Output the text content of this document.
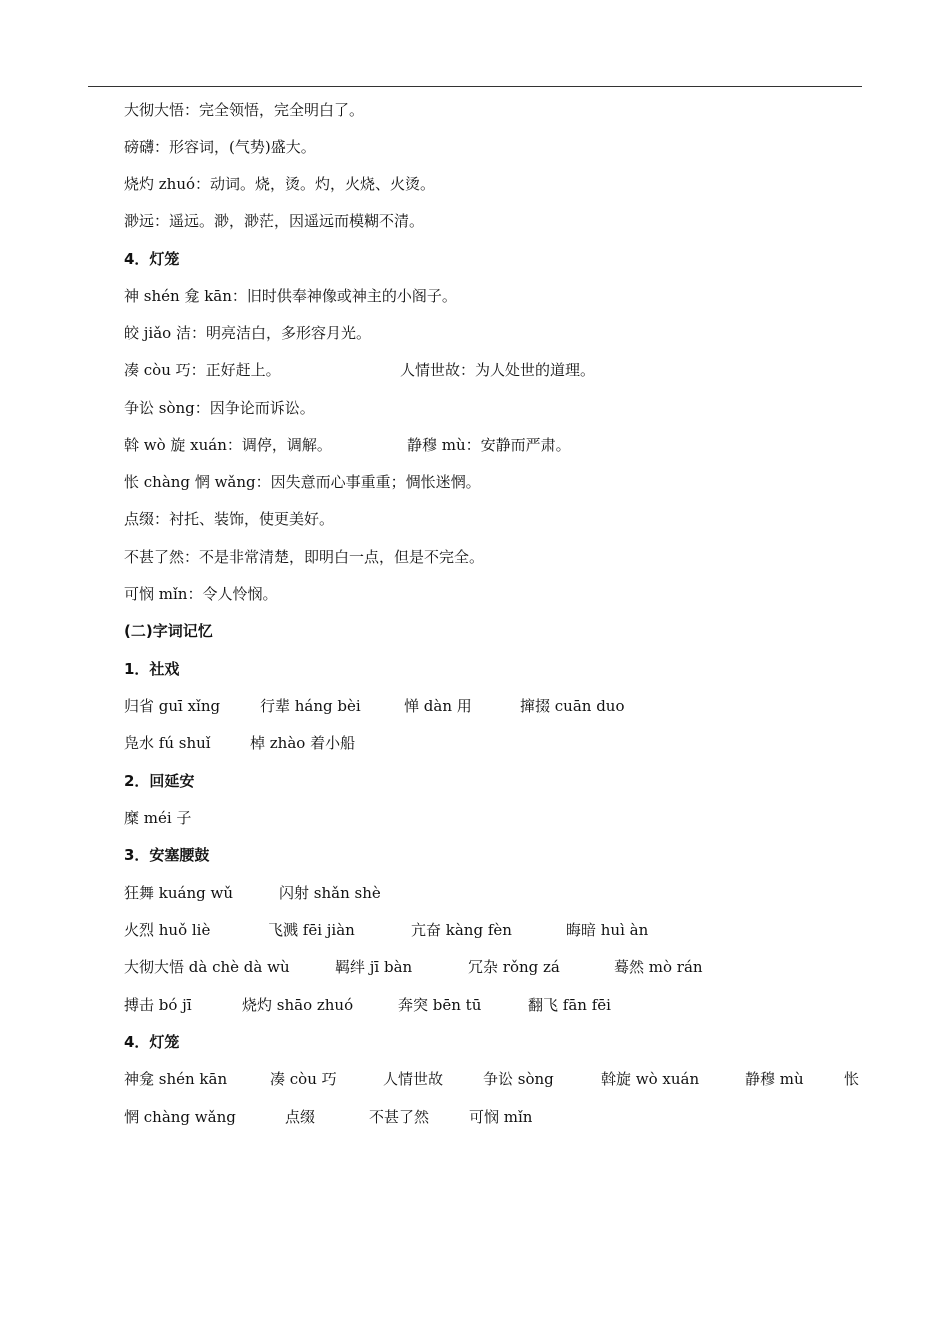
大彻大悟：完全领悟，完全明白了。
磅礴：形容词，(气势)盛大。
烧灼 zhuó：动词。烧，烫。灼，火烧、火烫。
渺远：遥远。渺，渺茫，因遥远而模糊不清。
4．灯笼
神 shén 龛 kān：旧时供奉神像或神主的小阁子。
皎 jiǎo 洁：明亮洁白，多形容月光。
凑 còu 巧：正好赶上。	人情世故：为人处世的道理。
争讼 sòng：因争论而诉讼。
斡 wò 旋 xuán：调停，调解。	静穆 mù：安静而严肃。
怅 chàng 惘 wǎng：因失意而心事重重；惆怅迷惘。
点缀：衬托、装饰，使更美好。
不甚了然：不是非常清楚，即明白一点，但是不完全。
可悯 mǐn：令人怜悯。
(二)字词记忆
1．社戏
归省 guī xǐng	行辈 háng bèi	惮 dàn 用	撺掇 cuān duo
凫水 fú shuǐ	棹 zhào 着小船
2．回延安
糜 méi 子
3．安塞腰鼓
狂舞 kuáng wǔ	闪射 shǎn shè
火烈 huǒ liè	飞溅 fēi jiàn	亢奋 kàng fèn	晦暗 huì àn
大彻大悟 dà chè dà wù	羁绊 jī bàn	冗杂 rǒng zá	蓦然 mò rán
搏击 bó jī	烧灼 shāo zhuó	奔突 bēn tū	翻飞 fān fēi
4．灯笼
神龛 shén kān	凑 còu 巧	人情世故	争讼 sòng	斡旋 wò xuán	静穆 mù	怅
惘 chàng wǎng	点缀	不甚了然	可悯 mǐn
